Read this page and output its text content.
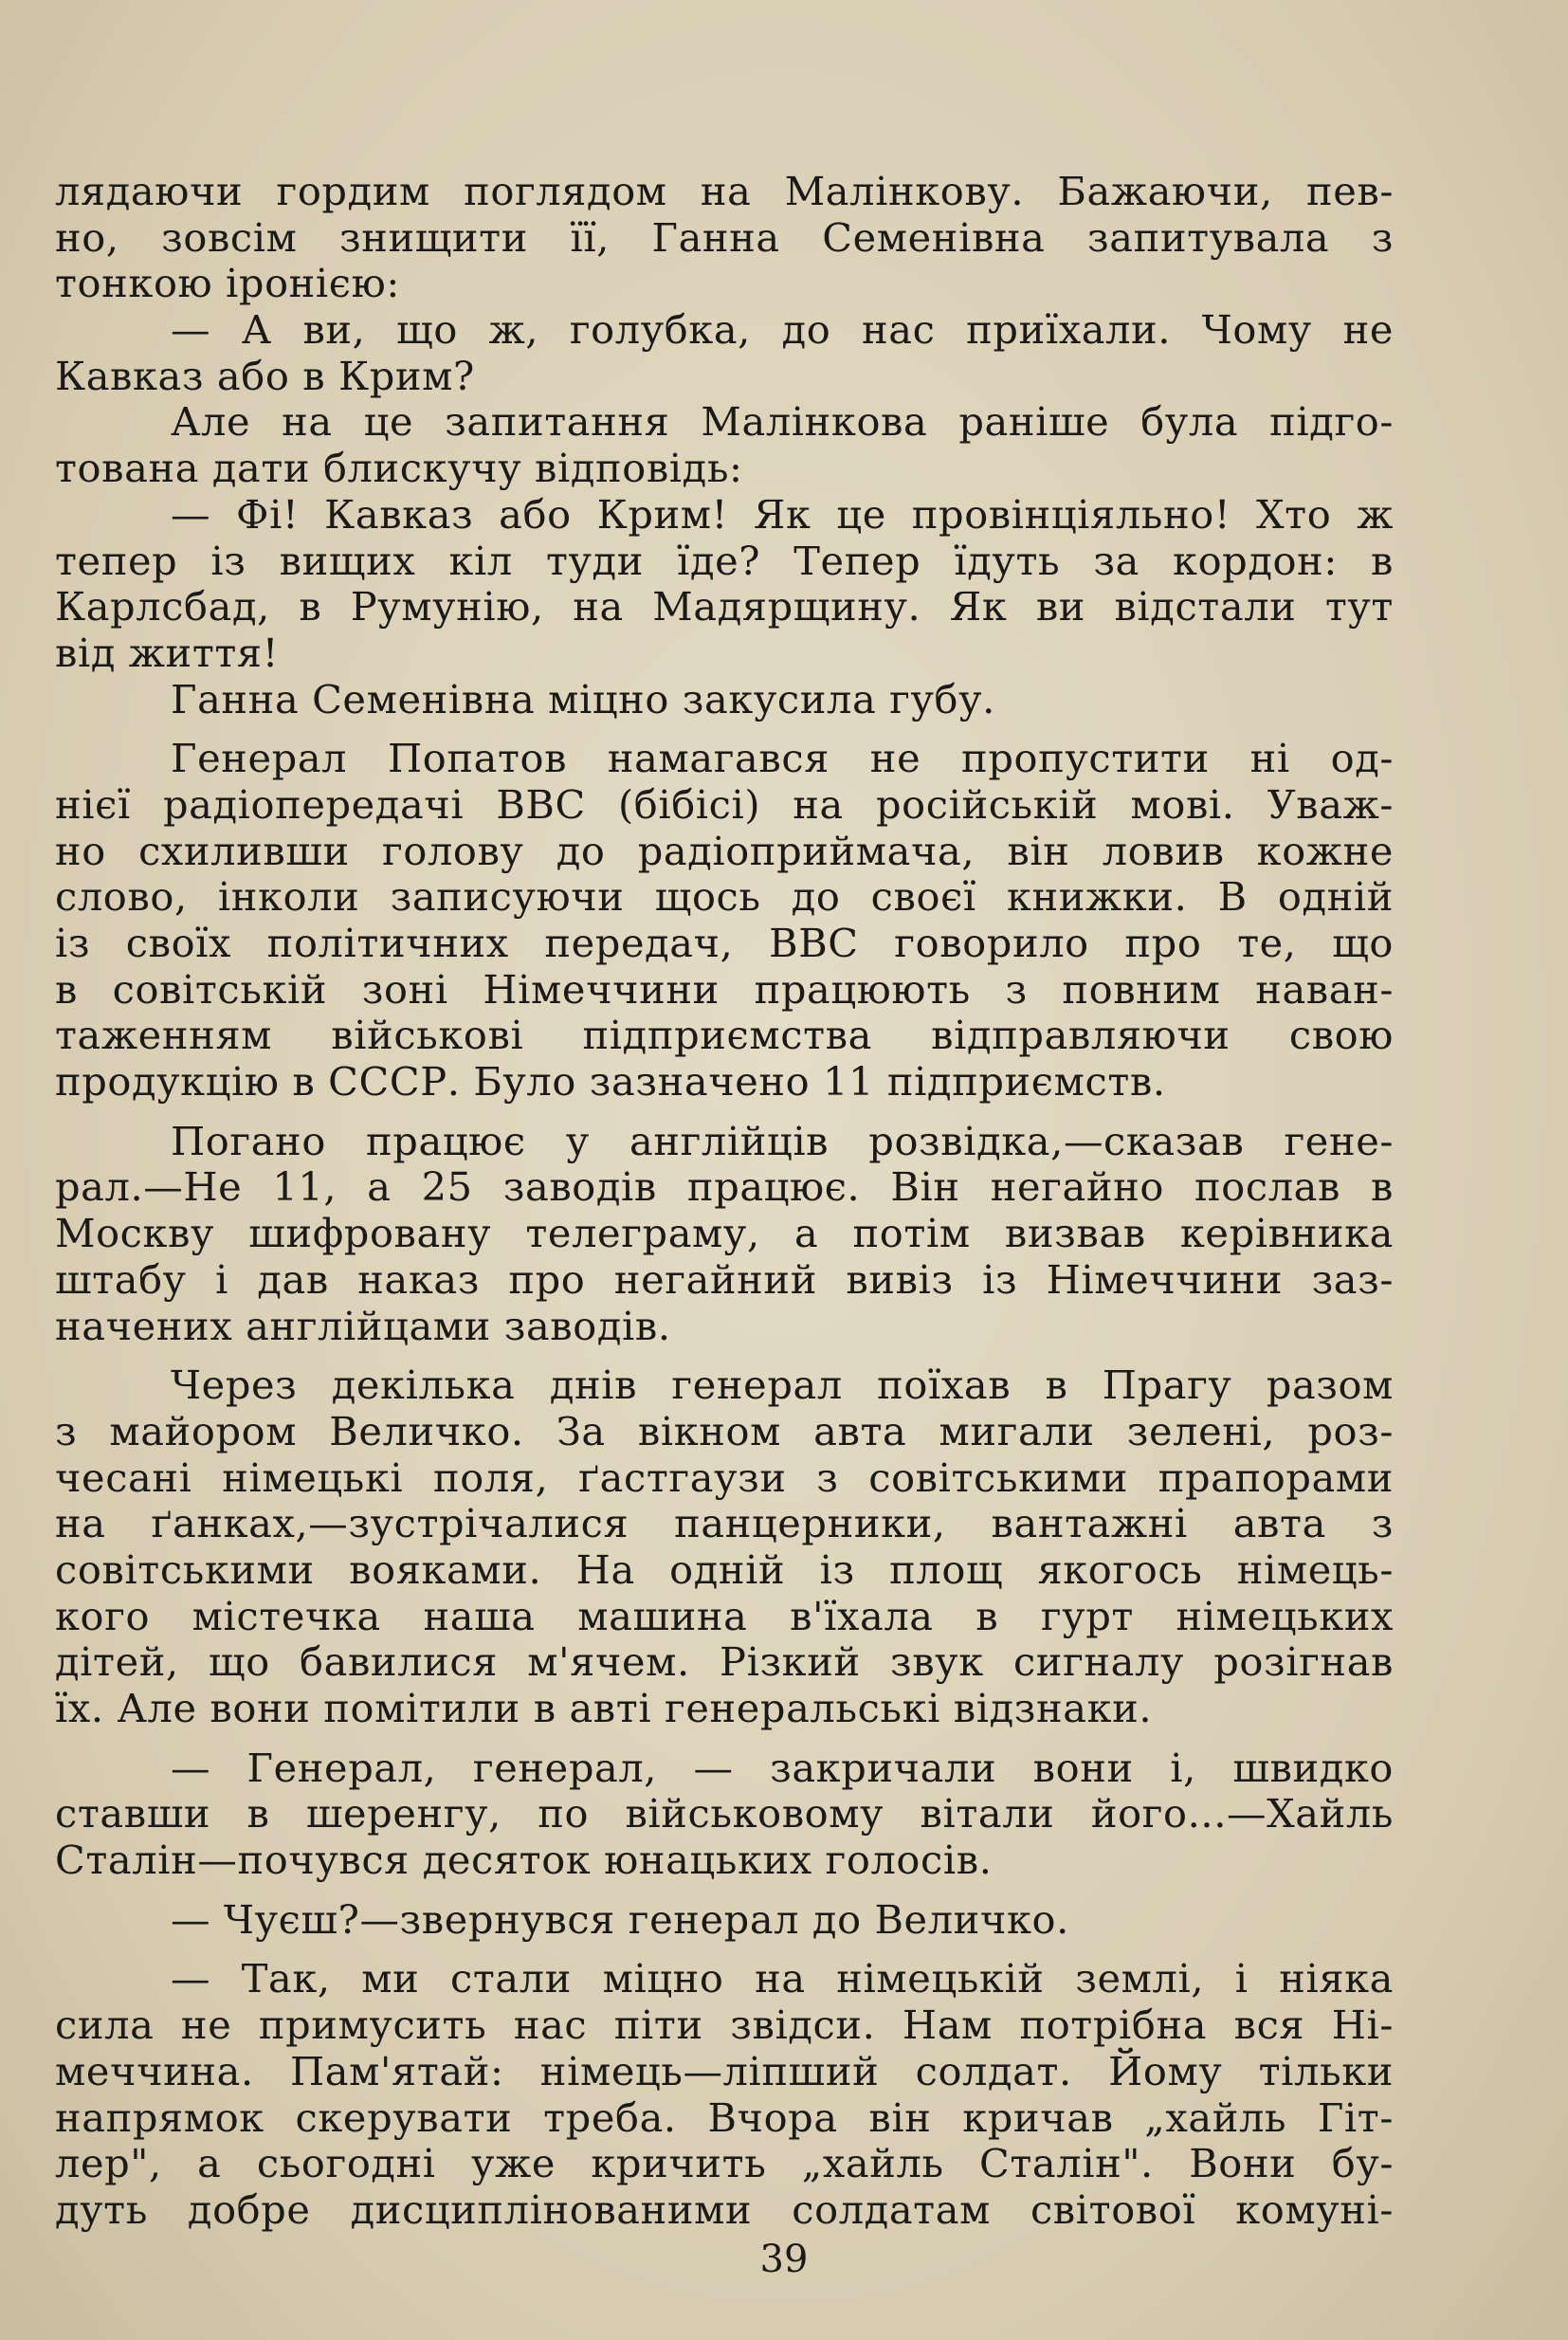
лядаючи гордим поглядом на Малінкову. Бажаючи, пев-
но, зовсім знищити її, Ганна Семенівна запитувала з
тонкою іронією:
— А ви, що ж, голубка, до нас приїхали. Чому не
Кавказ або в Крим?
Але на це запитання Малінкова раніше була підго-
тована дати блискучу відповідь:
— Фі! Кавказ або Крим! Як це провінціяльно! Хто ж
тепер із вищих кіл туди їде? Тепер їдуть за кордон: в
Карлсбад, в Румунію, на Мадярщину. Як ви відстали тут
від життя!
Ганна Семенівна міцно закусила губу.
Генерал Попатов намагався не пропустити ні од-
нієї радіопередачі ВВС (бібісі) на російській мові. Уваж-
но схиливши голову до радіоприймача, він ловив кожне
слово, інколи записуючи щось до своєї книжки. В одній
із своїх політичних передач, ВВС говорило про те, що
в совітській зоні Німеччини працюють з повним наван-
таженням військові підприємства відправляючи свою
продукцію в СССР. Було зазначено 11 підприємств.
Погано працює у англійців розвідка,—сказав гене-
рал.—Не 11, а 25 заводів працює. Він негайно послав в
Москву шифровану телеграму, а потім визвав керівника
штабу і дав наказ про негайний вивіз із Німеччини заз-
начених англійцами заводів.
Через декілька днів генерал поїхав в Прагу разом
з майором Величко. За вікном авта мигали зелені, роз-
чесані німецькі поля, ґастгаузи з совітськими прапорами
на ґанках,—зустрічалися панцерники, вантажні авта з
совітськими вояками. На одній із площ якогось німець-
кого містечка наша машина в'їхала в гурт німецьких
дітей, що бавилися м'ячем. Різкий звук сигналу розігнав
їх. Але вони помітили в авті генеральські відзнаки.
— Генерал, генерал, — закричали вони і, швидко
ставши в шеренгу, по військовому вітали його...—Хайль
Сталін—почувся десяток юнацьких голосів.
— Чуєш?—звернувся генерал до Величко.
— Так, ми стали міцно на німецькій землі, і ніяка
сила не примусить нас піти звідси. Нам потрібна вся Ні-
меччина. Пам'ятай: німець—ліпший солдат. Йому тільки
напрямок скерувати треба. Вчора він кричав „хайль Гіт-
лер", а сьогодні уже кричить „хайль Сталін". Вони бу-
дуть добре дисциплінованими солдатам світової комуні-
39
